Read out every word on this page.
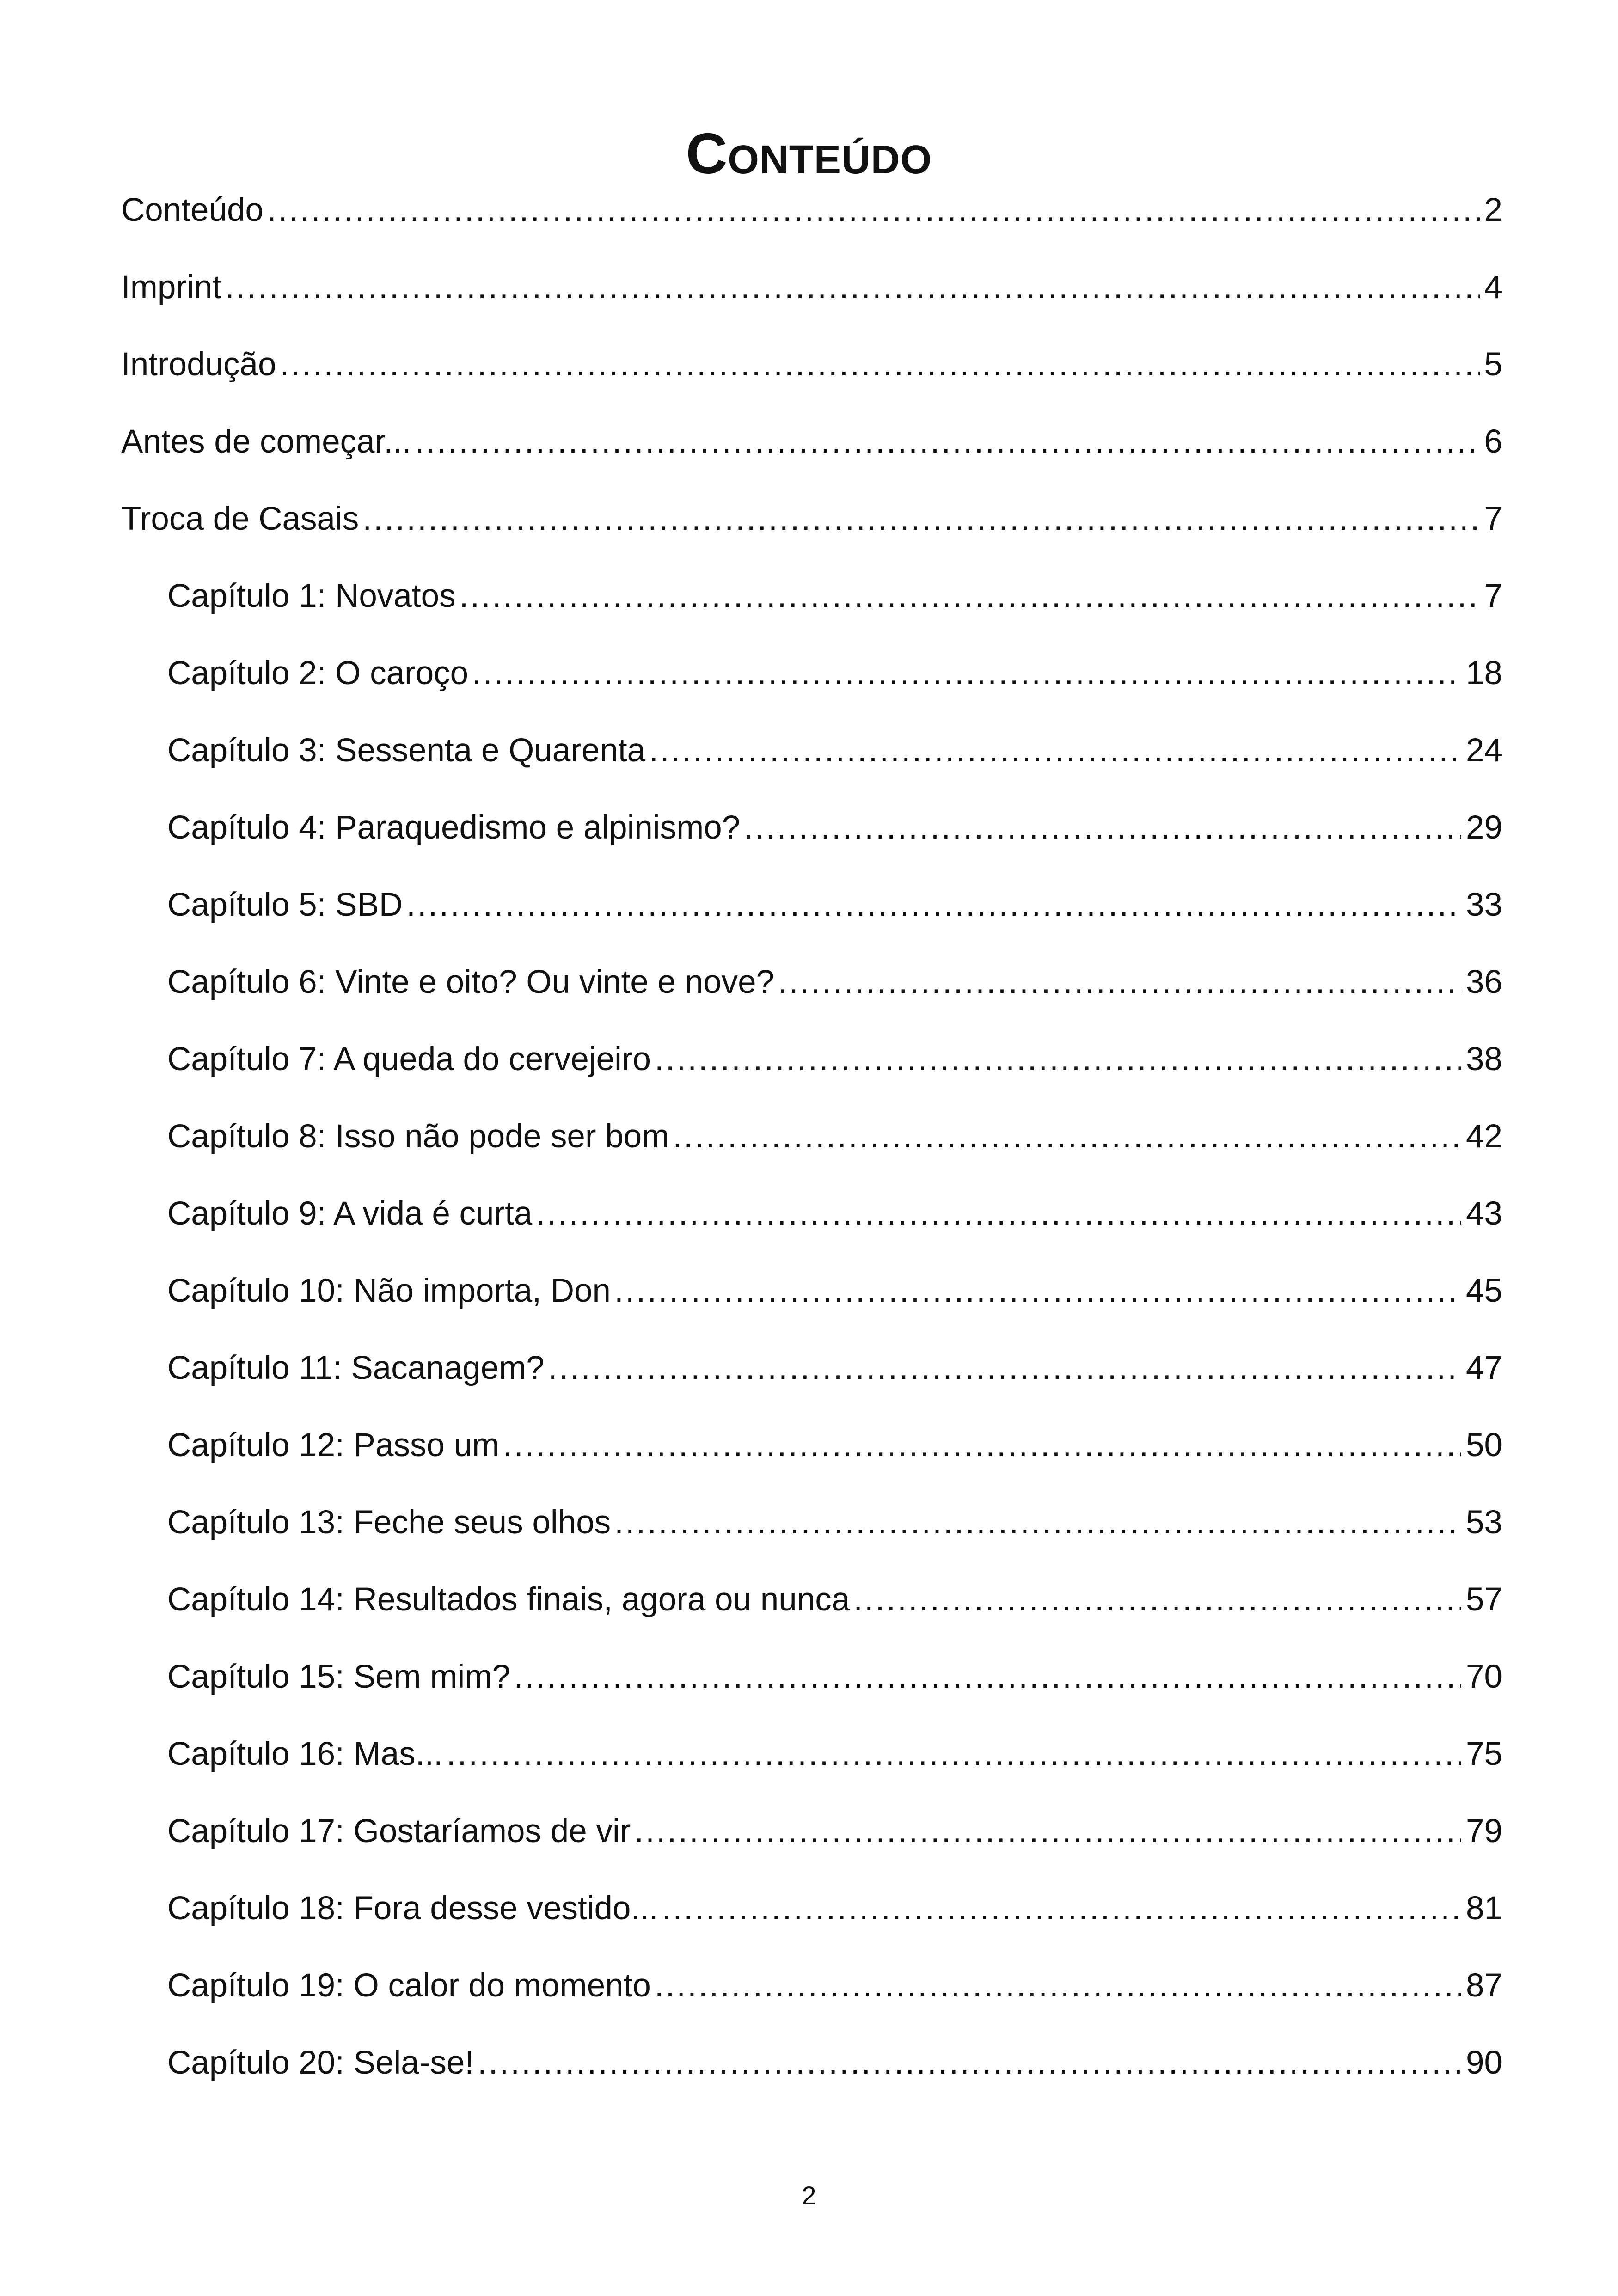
Conteúdo
Conteúdo .....	2
Imprint .....	4
Introdução .....	5
Antes de começar... .....	6
Troca de Casais .....	7
Capítulo 1: Novatos .....	7
Capítulo 2: O caroço .....	18
Capítulo 3: Sessenta e Quarenta .....	24
Capítulo 4: Paraquedismo e alpinismo? .....	29
Capítulo 5: SBD .....	33
Capítulo 6: Vinte e oito? Ou vinte e nove? .....	36
Capítulo 7: A queda do cervejeiro .....	38
Capítulo 8: Isso não pode ser bom .....	42
Capítulo 9: A vida é curta .....	43
Capítulo 10: Não importa, Don .....	45
Capítulo 11: Sacanagem? .....	47
Capítulo 12: Passo um .....	50
Capítulo 13: Feche seus olhos .....	53
Capítulo 14: Resultados finais, agora ou nunca .....	57
Capítulo 15: Sem mim? .....	70
Capítulo 16: Mas... .....	75
Capítulo 17: Gostaríamos de vir .....	79
Capítulo 18: Fora desse vestido... .....	81
Capítulo 19: O calor do momento .....	87
Capítulo 20: Sela-se! .....	90
2
